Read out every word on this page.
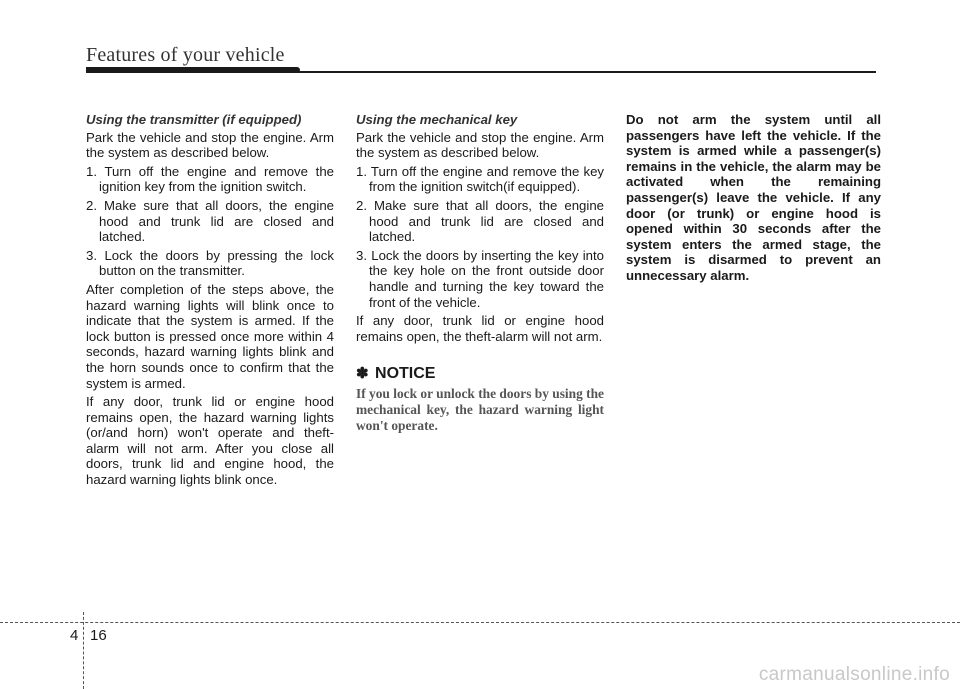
Features of your vehicle
Using the transmitter (if equipped)

Park the vehicle and stop the engine. Arm the system as described below.

1. Turn off the engine and remove the ignition key from the ignition switch.
2. Make sure that all doors, the engine hood and trunk lid are closed and latched.
3. Lock the doors by pressing the lock button on the transmitter.

After completion of the steps above, the hazard warning lights will blink once to indicate that the system is armed. If the lock button is pressed once more within 4 seconds, hazard warning lights blink and the horn sounds once to confirm that the system is armed.

If any door, trunk lid or engine hood remains open, the hazard warning lights (or/and horn) won't operate and theft-alarm will not arm. After you close all doors, trunk lid and engine hood, the hazard warning lights blink once.

Using the mechanical key

Park the vehicle and stop the engine. Arm the system as described below.

1. Turn off the engine and remove the key from the ignition switch(if equipped).
2. Make sure that all doors, the engine hood and trunk lid are closed and latched.
3. Lock the doors by inserting the key into the key hole on the front outside door handle and turning the key toward the front of the vehicle.

If any door, trunk lid or engine hood remains open, the theft-alarm will not arm.

✽ NOTICE
If you lock or unlock the doors by using the mechanical key, the hazard warning light won't operate.

Do not arm the system until all passengers have left the vehicle. If the system is armed while a passenger(s) remains in the vehicle, the alarm may be activated when the remaining passenger(s) leave the vehicle. If any door (or trunk) or engine hood is opened within 30 seconds after the system enters the armed stage, the system is disarmed to prevent an unnecessary alarm.

4 16
carmanualsonline.info
